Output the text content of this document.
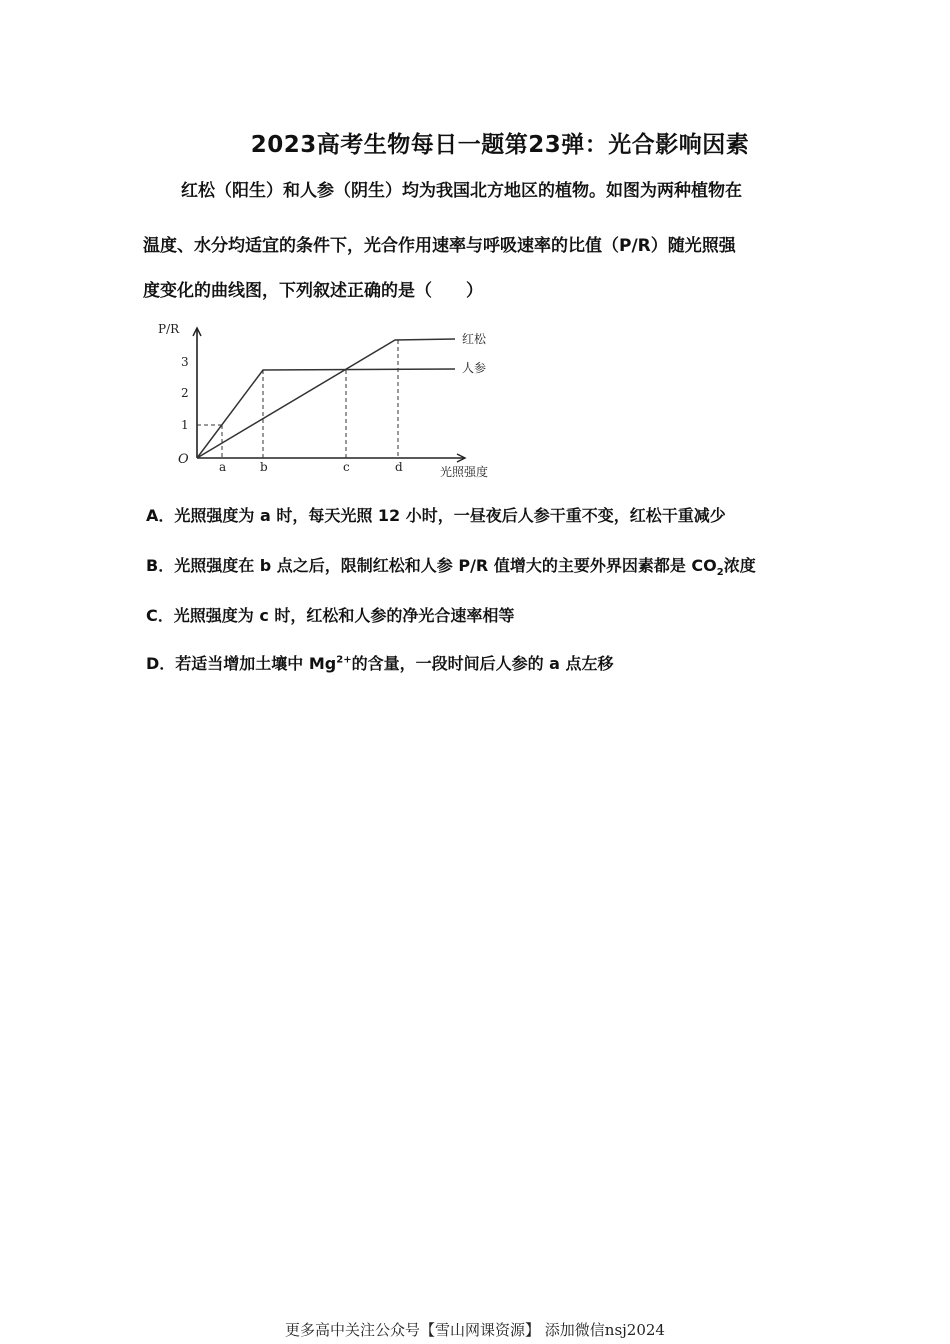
2023高考生物每日一题第23弹：光合影响因素
红松（阳生）和人参（阴生）均为我国北方地区的植物。如图为两种植物在
温度、水分均适宜的条件下，光合作用速率与呼吸速率的比值（P/R）随光照强
度变化的曲线图，下列叙述正确的是（　　）
P/R
光照强度
O
1
2
3
红松
人参
a	b	c	d
A．光照强度为 a 时，每天光照 12 小时，一昼夜后人参干重不变，红松干重减少
B．光照强度在 b 点之后，限制红松和人参 P/R 值增大的主要外界因素都是 $CO_2$浓度
C．光照强度为 c 时，红松和人参的净光合速率相等
D．若适当增加土壤中 $Mg^{2+}$的含量，一段时间后人参的 a 点左移
更多高中关注公众号【雪山网课资源】 添加微信nsj2024
